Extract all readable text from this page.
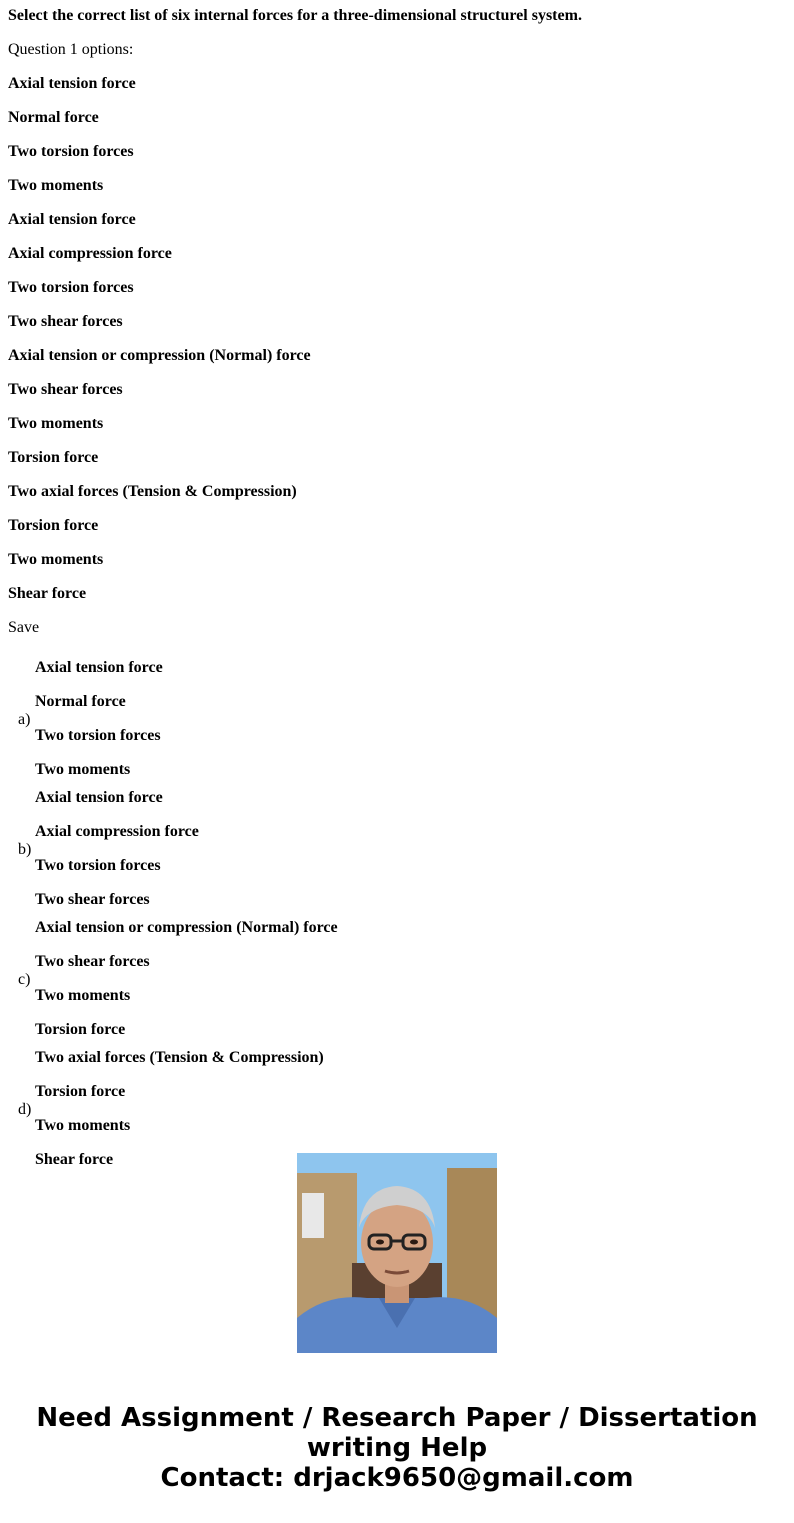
Select the correct list of six internal forces for a three-dimensional structurel system.
Question 1 options:
Axial tension force
Normal force
Two torsion forces
Two moments
Axial tension force
Axial compression force
Two torsion forces
Two shear forces
Axial tension or compression (Normal) force
Two shear forces
Two moments
Torsion force
Two axial forces (Tension & Compression)
Torsion force
Two moments
Shear force
Save
a)
Axial tension force
Normal force
Two torsion forces
Two moments
b)
Axial tension force
Axial compression force
Two torsion forces
Two shear forces
c)
Axial tension or compression (Normal) force
Two shear forces
Two moments
Torsion force
d)
Two axial forces (Tension & Compression)
Torsion force
Two moments
Shear force
Need Assignment / Research Paper / Dissertation
writing Help
Contact: drjack9650@gmail.com
